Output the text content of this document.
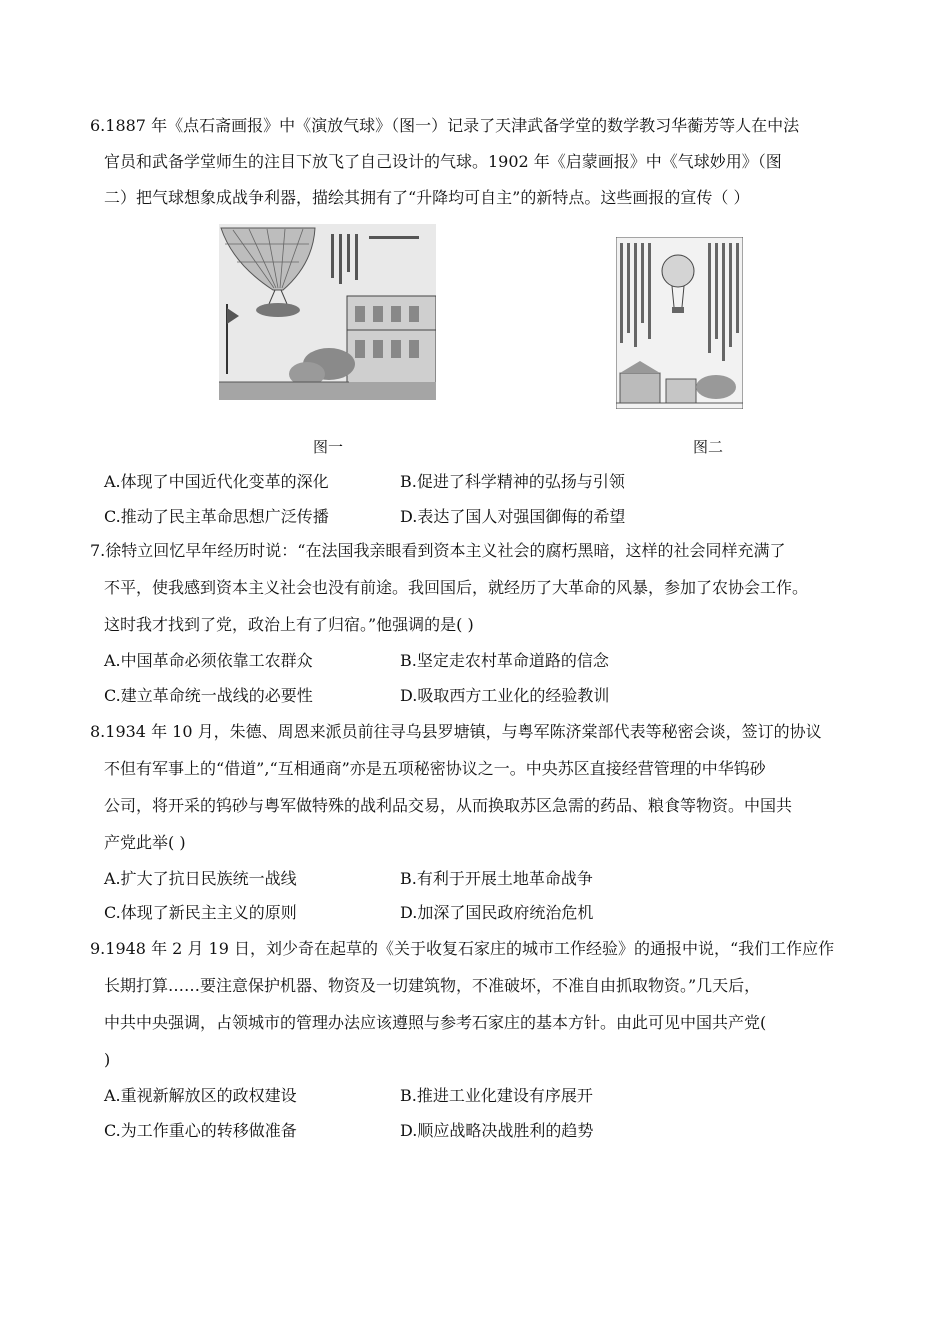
6.1887 年《点石斋画报》中《演放气球》（图一）记录了天津武备学堂的数学教习华蘅芳等人在中法
官员和武备学堂师生的注目下放飞了自己设计的气球。1902 年《启蒙画报》中《气球妙用》（图
二）把气球想象成战争利器，描绘其拥有了“升降均可自主”的新特点。这些画报的宣传（ ）
图一	图二
A.体现了中国近代化变革的深化	B.促进了科学精神的弘扬与引领
C.推动了民主革命思想广泛传播	D.表达了国人对强国御侮的希望
7.徐特立回忆早年经历时说：“在法国我亲眼看到资本主义社会的腐朽黑暗，这样的社会同样充满了
不平，使我感到资本主义社会也没有前途。我回国后，就经历了大革命的风暴，参加了农协会工作。
这时我才找到了党，政治上有了归宿。”他强调的是( )
A.中国革命必须依靠工农群众	B.坚定走农村革命道路的信念
C.建立革命统一战线的必要性	D.吸取西方工业化的经验教训
8.1934 年 10 月，朱德、周恩来派员前往寻乌县罗塘镇，与粤军陈济棠部代表等秘密会谈，签订的协议
不但有军事上的“借道”,“互相通商”亦是五项秘密协议之一。中央苏区直接经营管理的中华钨砂
公司，将开采的钨砂与粤军做特殊的战利品交易，从而换取苏区急需的药品、粮食等物资。中国共
产党此举( )
A.扩大了抗日民族统一战线	B.有利于开展土地革命战争
C.体现了新民主主义的原则	D.加深了国民政府统治危机
9.1948 年 2 月 19 日，刘少奇在起草的《关于收复石家庄的城市工作经验》的通报中说，“我们工作应作
长期打算……要注意保护机器、物资及一切建筑物，不准破坏，不准自由抓取物资。”几天后，
中共中央强调，占领城市的管理办法应该遵照与参考石家庄的基本方针。由此可见中国共产党(
)
A.重视新解放区的政权建设	B.推进工业化建设有序展开
C.为工作重心的转移做准备	D.顺应战略决战胜利的趋势
